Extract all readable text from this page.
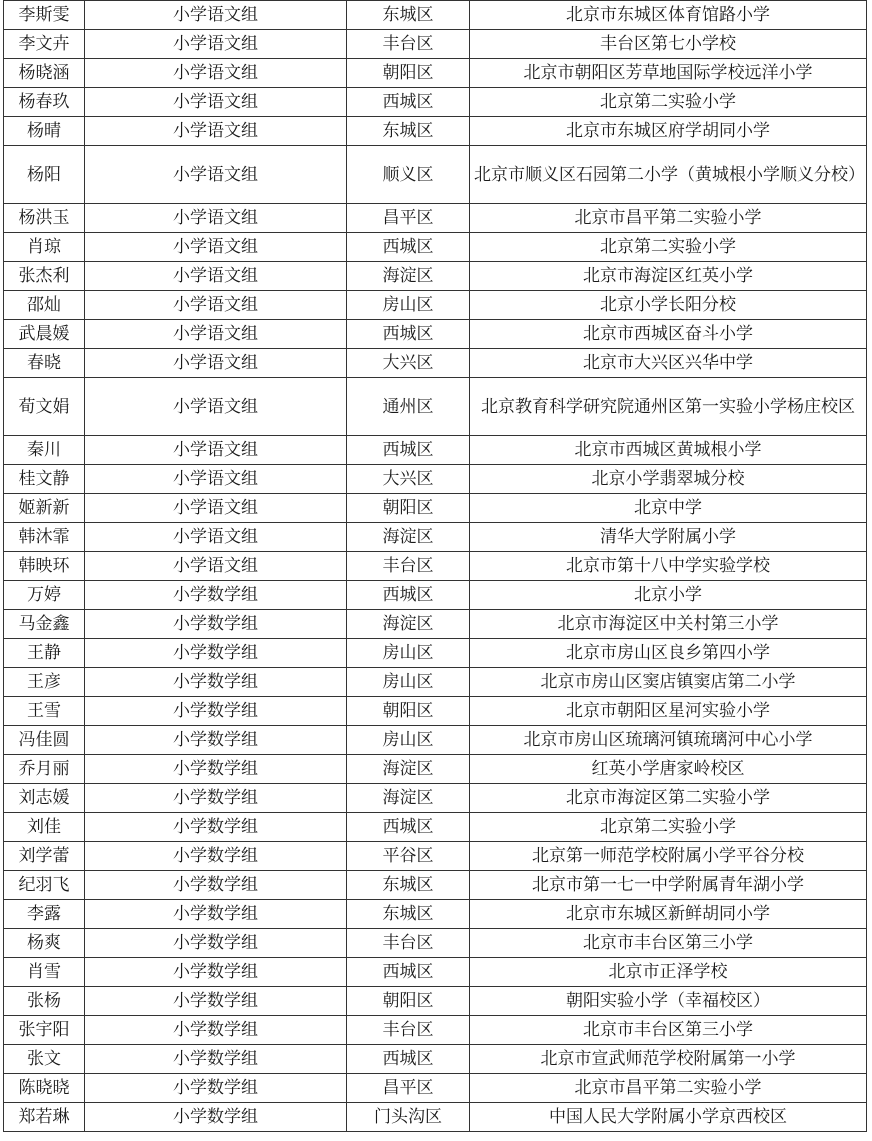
李斯雯	小学语文组	东城区	北京市东城区体育馆路小学
李文卉	小学语文组	丰台区	丰台区第七小学校
杨晓涵	小学语文组	朝阳区	北京市朝阳区芳草地国际学校远洋小学
杨春玖	小学语文组	西城区	北京第二实验小学
杨晴	小学语文组	东城区	北京市东城区府学胡同小学
杨阳	小学语文组	顺义区	北京市顺义区石园第二小学（黄城根小学顺义分校）
杨洪玉	小学语文组	昌平区	北京市昌平第二实验小学
肖琼	小学语文组	西城区	北京第二实验小学
张杰利	小学语文组	海淀区	北京市海淀区红英小学
邵灿	小学语文组	房山区	北京小学长阳分校
武晨媛	小学语文组	西城区	北京市西城区奋斗小学
春晓	小学语文组	大兴区	北京市大兴区兴华中学
荀文娟	小学语文组	通州区	北京教育科学研究院通州区第一实验小学杨庄校区
秦川	小学语文组	西城区	北京市西城区黄城根小学
桂文静	小学语文组	大兴区	北京小学翡翠城分校
姬新新	小学语文组	朝阳区	北京中学
韩沐霏	小学语文组	海淀区	清华大学附属小学
韩映环	小学语文组	丰台区	北京市第十八中学实验学校
万婷	小学数学组	西城区	北京小学
马金鑫	小学数学组	海淀区	北京市海淀区中关村第三小学
王静	小学数学组	房山区	北京市房山区良乡第四小学
王彦	小学数学组	房山区	北京市房山区窦店镇窦店第二小学
王雪	小学数学组	朝阳区	北京市朝阳区星河实验小学
冯佳圆	小学数学组	房山区	北京市房山区琉璃河镇琉璃河中心小学
乔月丽	小学数学组	海淀区	红英小学唐家岭校区
刘志媛	小学数学组	海淀区	北京市海淀区第二实验小学
刘佳	小学数学组	西城区	北京第二实验小学
刘学蕾	小学数学组	平谷区	北京第一师范学校附属小学平谷分校
纪羽飞	小学数学组	东城区	北京市第一七一中学附属青年湖小学
李露	小学数学组	东城区	北京市东城区新鲜胡同小学
杨爽	小学数学组	丰台区	北京市丰台区第三小学
肖雪	小学数学组	西城区	北京市正泽学校
张杨	小学数学组	朝阳区	朝阳实验小学（幸福校区）
张宇阳	小学数学组	丰台区	北京市丰台区第三小学
张文	小学数学组	西城区	北京市宣武师范学校附属第一小学
陈晓晓	小学数学组	昌平区	北京市昌平第二实验小学
郑若琳	小学数学组	门头沟区	中国人民大学附属小学京西校区
